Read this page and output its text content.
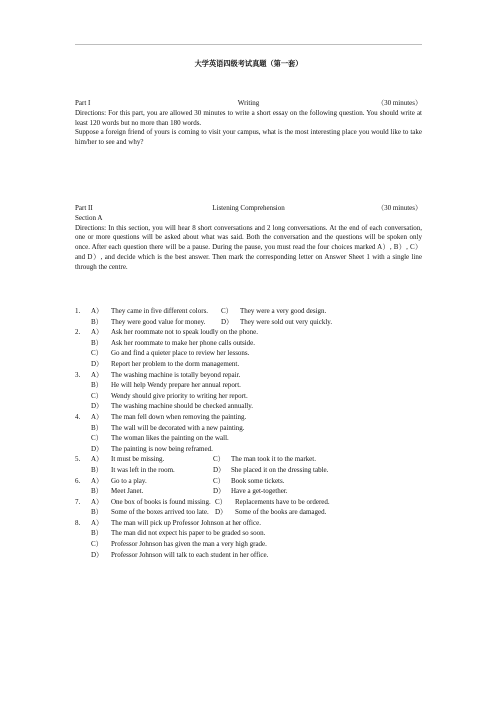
大学英语四级考试真题（第一套）
Part I	Writing	（30 minutes）
Directions: For this part, you are allowed 30 minutes to write a short essay on the following question. You should write at least 120 words but no more than 180 words.
Suppose a foreign friend of yours is coming to visit your campus, what is the most interesting place you would like to take him/her to see and why?
Part II	Listening Comprehension	（30 minutes）
Section A
Directions: In this section, you will hear 8 short conversations and 2 long conversations. At the end of each conversation, one or more questions will be asked about what was said. Both the conversation and the questions will be spoken only once. After each question there will be a pause. During the pause, you must read the four choices marked A）, B）, C） and D）, and decide which is the best answer. Then mark the corresponding letter on Answer Sheet 1 with a single line through the centre.
1. A） They came in five different colors. C） They were a very good design.
B） They were good value for money. D） They were sold out very quickly.
2. A） Ask her roommate not to speak loudly on the phone.
B） Ask her roommate to make her phone calls outside.
C） Go and find a quieter place to review her lessons.
D） Report her problem to the dorm management.
3. A） The washing machine is totally beyond repair.
B） He will help Wendy prepare her annual report.
C） Wendy should give priority to writing her report.
D） The washing machine should be checked annually.
4. A） The man fell down when removing the painting.
B） The wall will be decorated with a new painting.
C） The woman likes the painting on the wall.
D） The painting is now being reframed.
5. A） It must be missing.	C） The man took it to the market.
B） It was left in the room.	D） She placed it on the dressing table.
6. A） Go to a play.	C） Book some tickets.
B） Meet Janet.	D） Have a get-together.
7. A） One box of books is found missing. C） Replacements have to be ordered.
B） Some of the boxes arrived too late. D） Some of the books are damaged.
8. A） The man will pick up Professor Johnson at her office.
B） The man did not expect his paper to be graded so soon.
C） Professor Johnson has given the man a very high grade.
D） Professor Johnson will talk to each student in her office.
